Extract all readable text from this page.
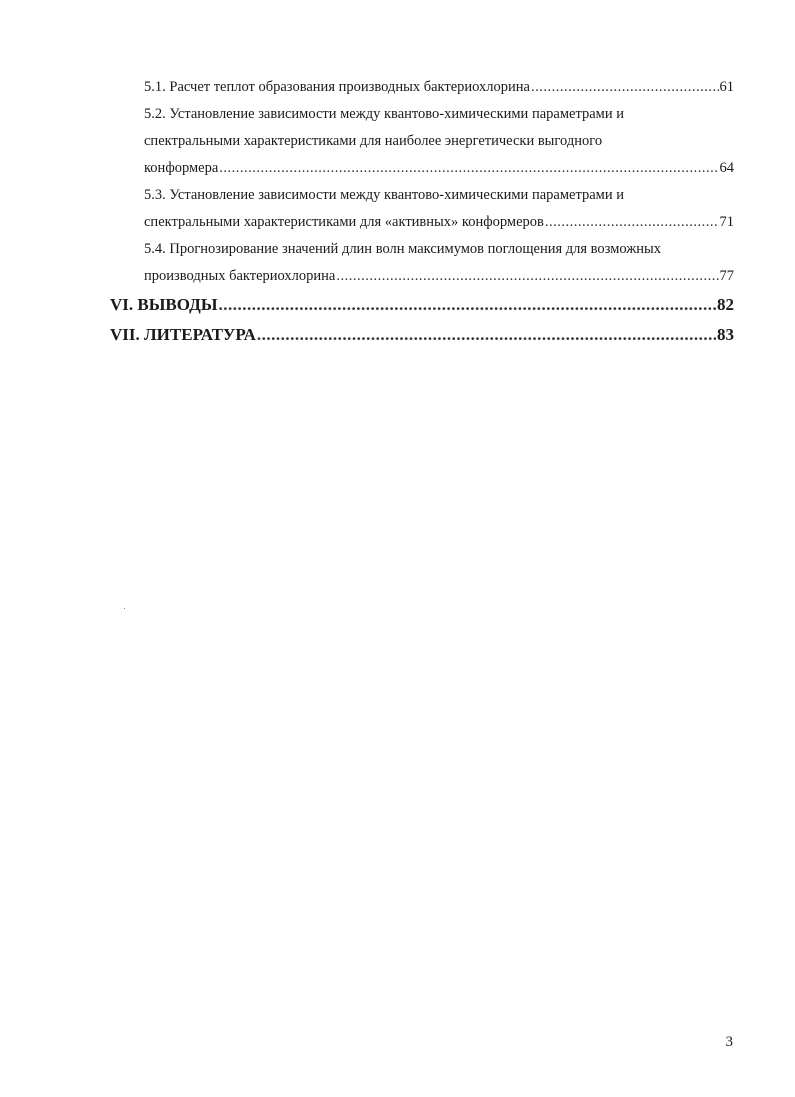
5.1. Расчет теплот образования производных бактериохлорина .....	61
5.2. Установление зависимости между квантово-химическими параметрами и
спектральными характеристиками для наиболее энергетически выгодного
конформера .....	64
5.3. Установление зависимости между квантово-химическими параметрами и
спектральными характеристиками для «активных» конформеров .....	71
5.4. Прогнозирование значений длин волн максимумов поглощения для возможных
производных бактериохлорина .....	77
VI. ВЫВОДЫ .....	82
VII. ЛИТЕРАТУРА .....	83
3
